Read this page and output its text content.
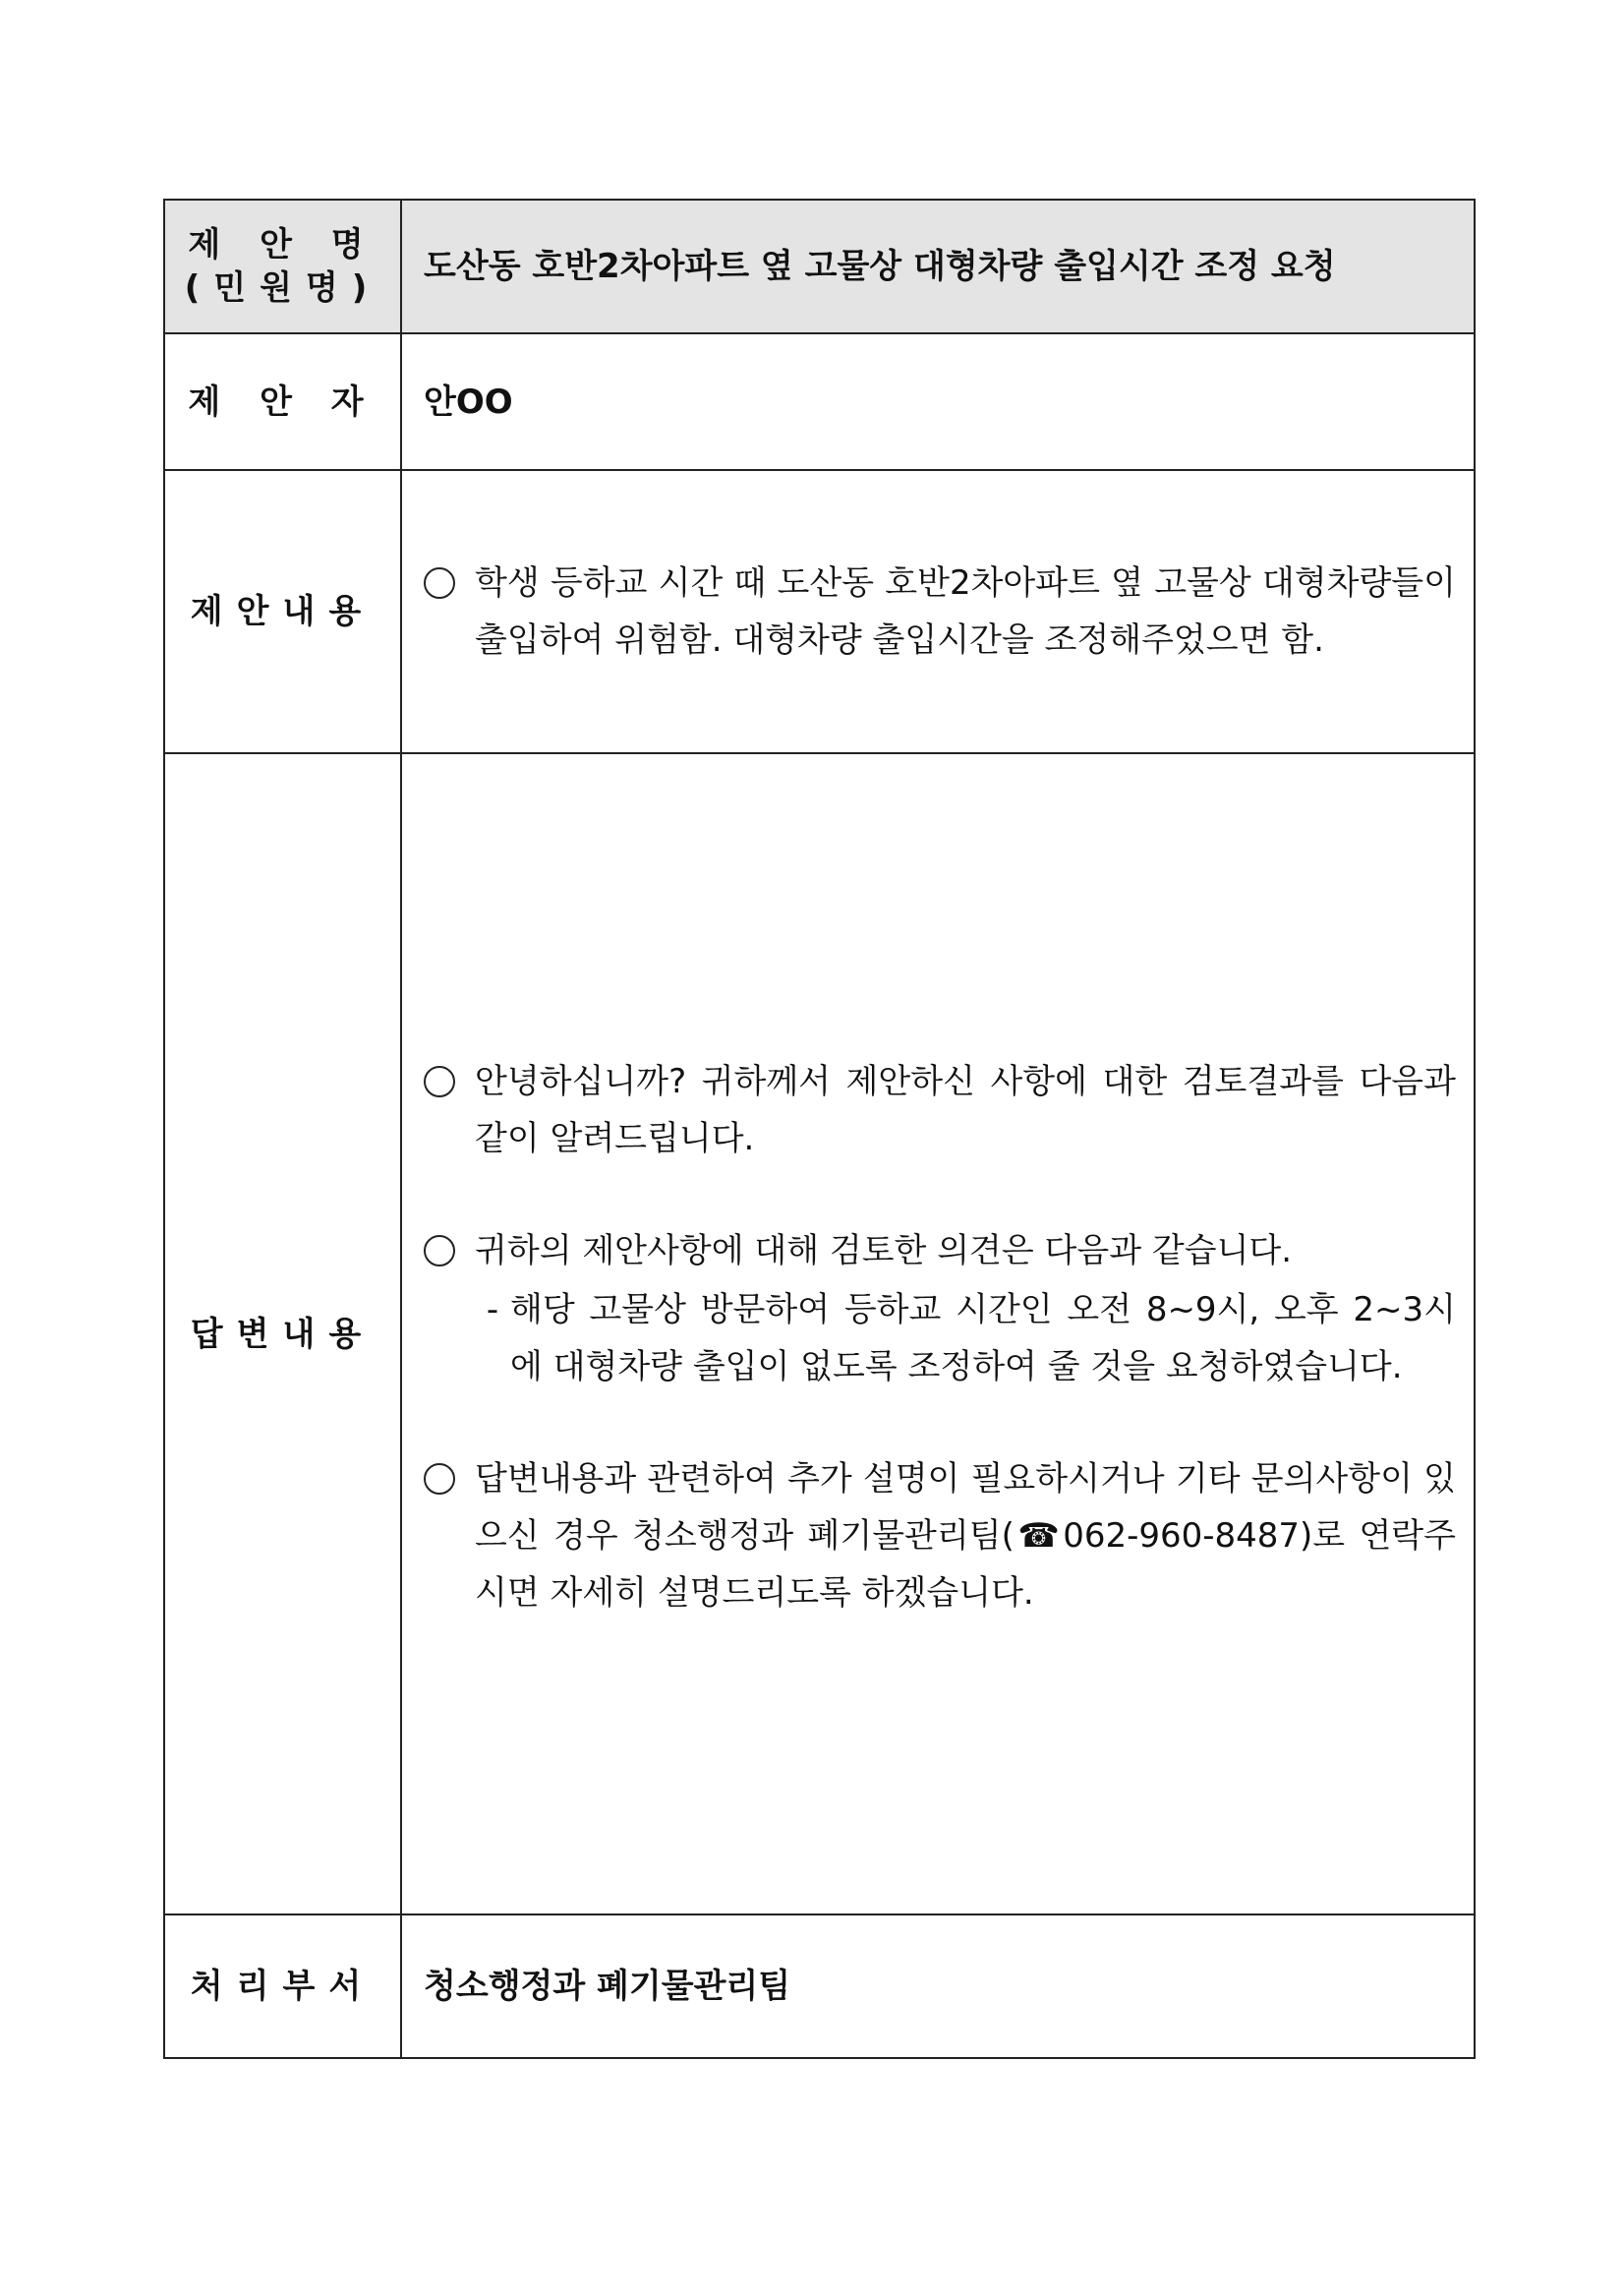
제 안 명
(민원명)	도산동 호반2차아파트 옆 고물상 대형차량 출입시간 조정 요청
제 안 자	안OO
제안내용	학생 등하교 시간 때 도산동 호반2차아파트 옆 고물상 대형차량들이 출입하여 위험함. 대형차량 출입시간을 조정해주었으면 함.

답변내용	안녕하십니까? 귀하께서 제안하신 사항에 대한 검토결과를 다음과 같이 알려드립니다.
귀하의 제안사항에 대해 검토한 의견은 다음과 같습니다.
- 해당 고물상 방문하여 등하교 시간인 오전 8~9시, 오후 2~3시에 대형차량 출입이 없도록 조정하여 줄 것을 요청하였습니다.
답변내용과 관련하여 추가 설명이 필요하시거나 기타 문의사항이 있으신 경우 청소행정과 폐기물관리팀(☎062-960-8487)로 연락주시면 자세히 설명드리도록 하겠습니다.

처리부서	청소행정과 폐기물관리팀
